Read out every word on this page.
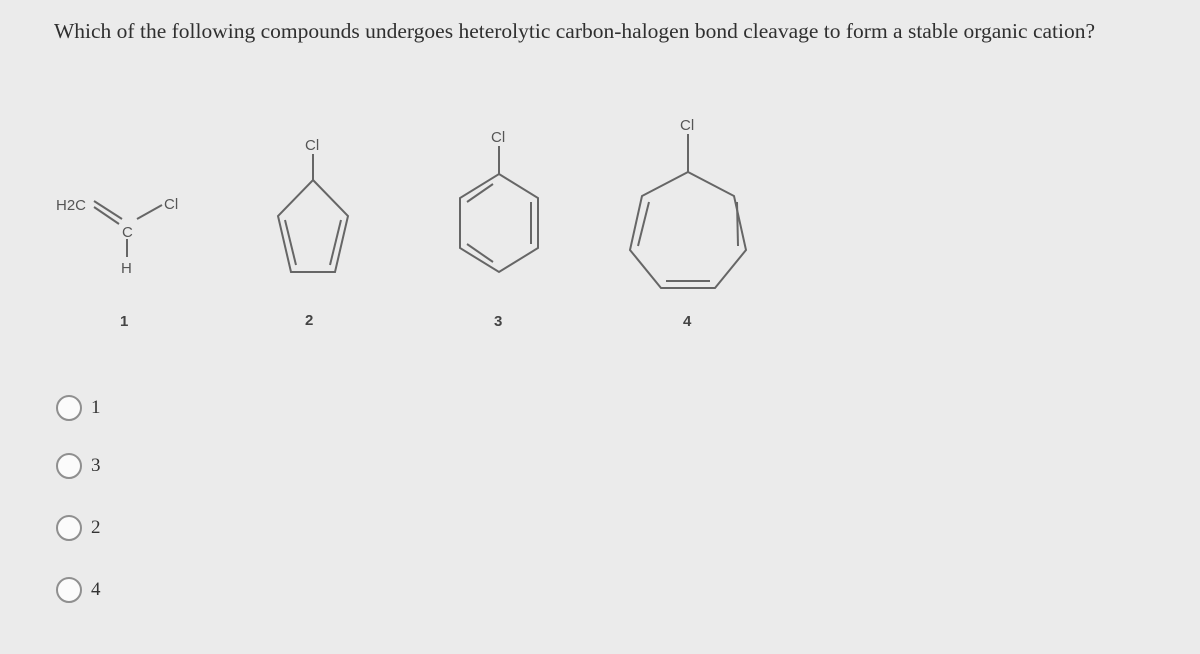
Which of the following compounds undergoes heterolytic carbon-halogen bond cleavage to form a stable organic cation?
H2C
C
Cl
H
1
Cl
2
Cl
3
Cl
4
1
3
2
4
